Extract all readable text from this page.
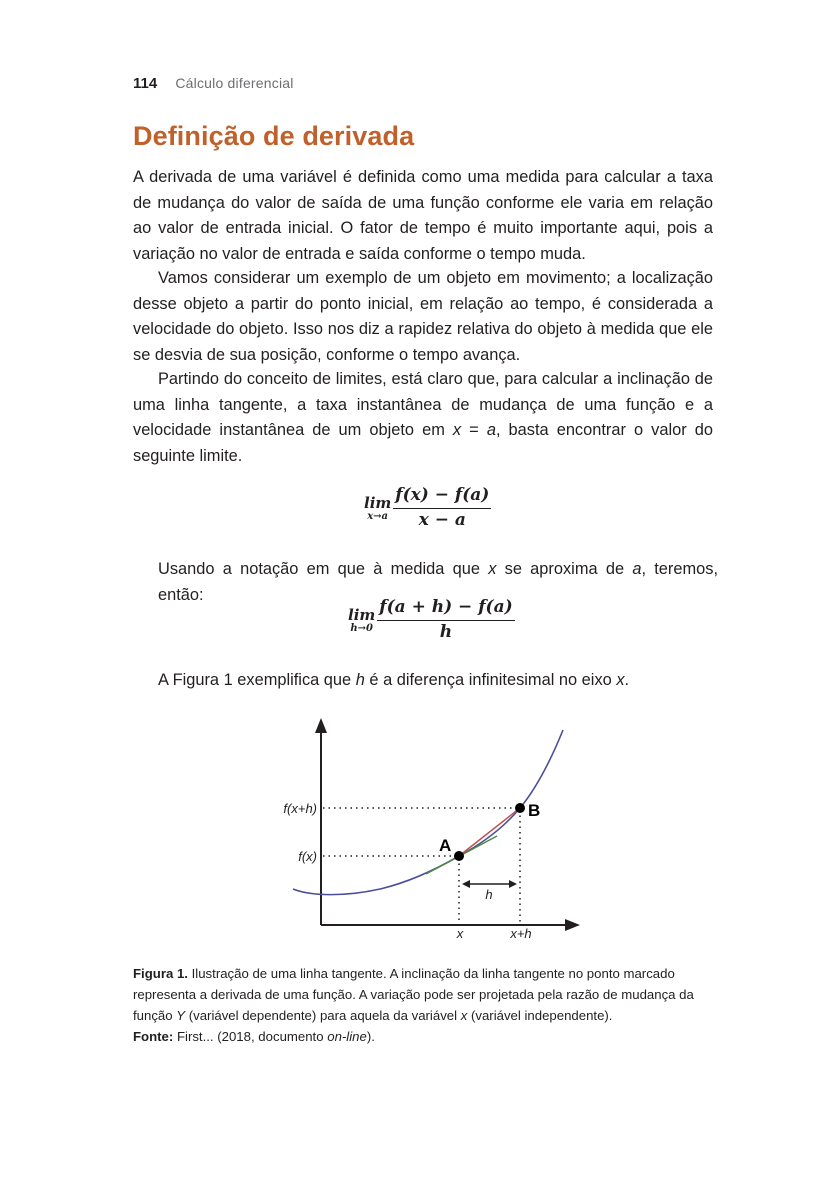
114 Cálculo diferencial
Definição de derivada

A derivada de uma variável é definida como uma medida para calcular a taxa de mudança do valor de saída de uma função conforme ele varia em relação ao valor de entrada inicial. O fator de tempo é muito importante aqui, pois a variação no valor de entrada e saída conforme o tempo muda.

Vamos considerar um exemplo de um objeto em movimento; a localização desse objeto a partir do ponto inicial, em relação ao tempo, é considerada a velocidade do objeto. Isso nos diz a rapidez relativa do objeto à medida que ele se desvia de sua posição, conforme o tempo avança.

Partindo do conceito de limites, está claro que, para calcular a inclinação de uma linha tangente, a taxa instantânea de mudança de uma função e a velocidade instantânea de um objeto em x = a, basta encontrar o valor do seguinte limite.

lim
$x\to a \frac{f(x) - f(a)}{x - a}$

Usando a notação em que à medida que x se aproxima de a, teremos, então:

lim
$h\to 0 \frac{f(a + h) - f(a)}{h}$

A Figura 1 exemplifica que h é a diferença infinitesimal no eixo x.

f(x+h)
f(x)
A
B
h
x	x+h

Figura 1. Ilustração de uma linha tangente. A inclinação da linha tangente no ponto marcado representa a derivada de uma função. A variação pode ser projetada pela razão de mudança da função Y (variável dependente) para aquela da variável x (variável independente).

Fonte: First... (2018, documento on-line).
